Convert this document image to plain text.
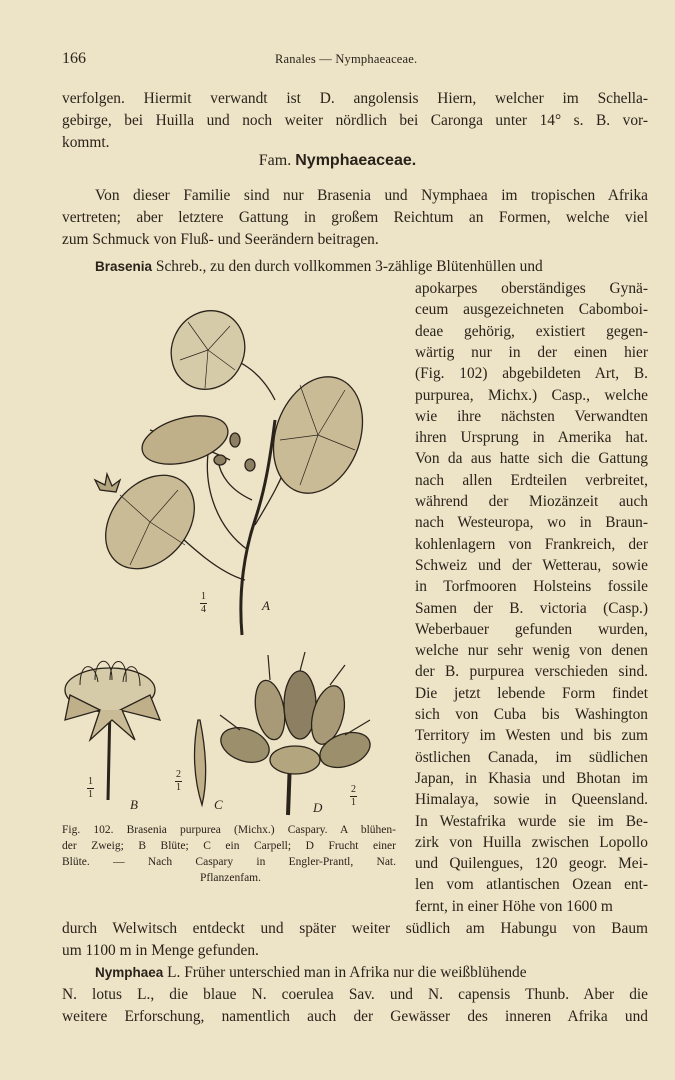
166	Ranales — Nymphaeaceae.
verfolgen. Hiermit verwandt ist D. angolensis Hiern, welcher im Schella-
gebirge, bei Huilla und noch weiter nördlich bei Caronga unter 14° s. B. vor-
kommt.
Fam. Nymphaeaceae.
Von dieser Familie sind nur Brasenia und Nymphaea im tropischen Afrika
vertreten; aber letztere Gattung in großem Reichtum an Formen, welche viel
zum Schmuck von Fluß- und Seerändern beitragen.
Brasenia Schreb., zu den durch vollkommen 3-zählige Blütenhüllen und
apokarpes oberständiges Gynä-
ceum ausgezeichneten Cabomboi-
deae gehörig, existiert gegen-
wärtig nur in der einen hier
(Fig. 102) abgebildeten Art, B.
purpurea, Michx.) Casp., welche
wie ihre nächsten Verwandten
ihren Ursprung in Amerika hat.
Von da aus hatte sich die Gattung
nach allen Erdteilen verbreitet,
während der Miozänzeit auch
nach Westeuropa, wo in Braun-
kohlenlagern von Frankreich, der
Schweiz und der Wetterau, sowie
in Torfmooren Holsteins fossile
Samen der B. victoria (Casp.)
Weberbauer gefunden wurden,
welche nur sehr wenig von denen
der B. purpurea verschieden sind.
Die jetzt lebende Form findet
sich von Cuba bis Washington
Territory im Westen und bis zum
östlichen Canada, im südlichen
Japan, in Khasia und Bhotan im
Himalaya, sowie in Queensland.
In Westafrika wurde sie im Be-
zirk von Huilla zwischen Lopollo
und Quilengues, 120 geogr. Mei-
len vom atlantischen Ozean ent-
fernt, in einer Höhe von 1600 m
durch Welwitsch entdeckt und später weiter südlich am Habungu von Baum
um 1100 m in Menge gefunden.
Nymphaea L. Früher unterschied man in Afrika nur die weißblühende
N. lotus L., die blaue N. coerulea Sav. und N. capensis Thunb. Aber die
weitere Erforschung, namentlich auch der Gewässer des inneren Afrika und
A
B	C	D
1
4
1
1
2
1	2
1
Fig. 102. Brasenia purpurea (Michx.) Caspary. A blühen-
der Zweig; B Blüte; C ein Carpell; D Frucht einer
Blüte. — Nach Caspary in Engler-Prantl, Nat.
Pflanzenfam.
